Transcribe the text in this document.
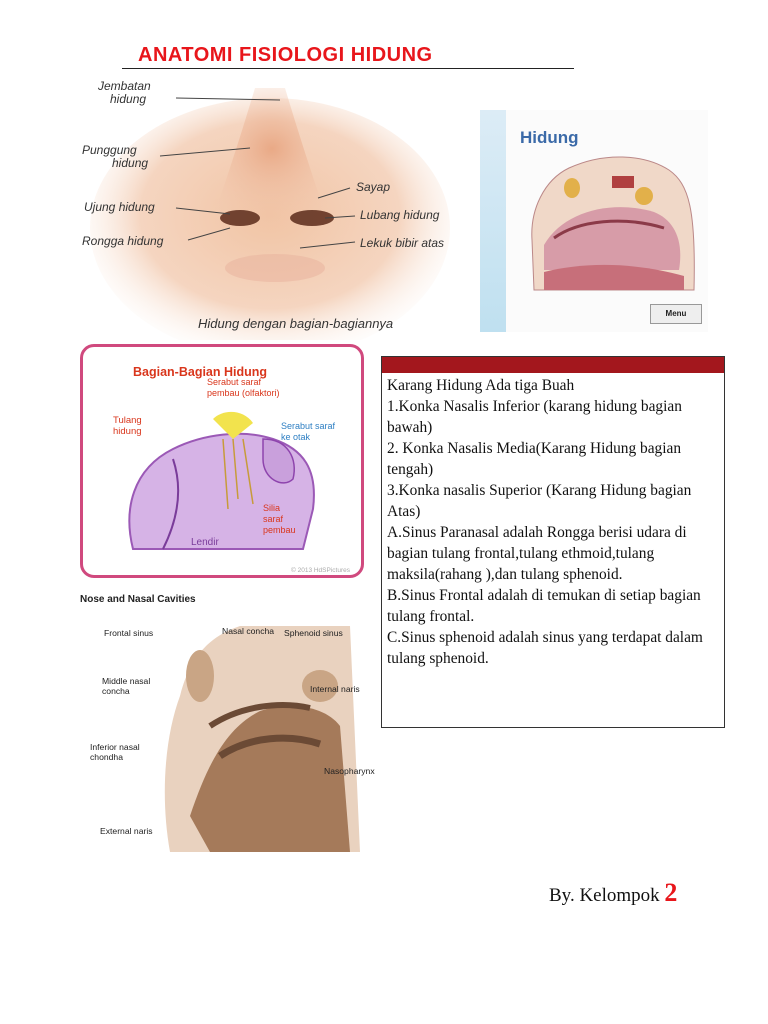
ANATOMI FISIOLOGI HIDUNG
Jembatan
hidung
Punggung
hidung
Ujung hidung
Rongga hidung
Sayap
Lubang hidung
Lekuk bibir atas
Hidung dengan bagian-bagiannya
Hidung
Menu
Bagian-Bagian Hidung
Serabut saraf
pembau (olfaktori)
Tulang
hidung	Serabut saraf
ke otak
Silia
saraf
pembau
Lendir
© 2013 HdSPictures
Nose and Nasal Cavities
Frontal sinus	Nasal concha Sphenoid sinus
Middle nasal
concha	Internal naris
Inferior nasal
chondha
Nasopharynx
External naris
Karang Hidung Ada tiga Buah
1.Konka Nasalis Inferior (karang hidung bagian bawah)
2. Konka Nasalis Media(Karang Hidung bagian tengah)
3.Konka nasalis Superior (Karang Hidung bagian Atas)
A.Sinus Paranasal adalah Rongga berisi udara di bagian tulang frontal,tulang ethmoid,tulang maksila(rahang ),dan tulang sphenoid.
B.Sinus Frontal adalah di temukan di setiap bagian tulang frontal.
C.Sinus sphenoid adalah sinus yang terdapat dalam tulang sphenoid.
By. Kelompok 2
